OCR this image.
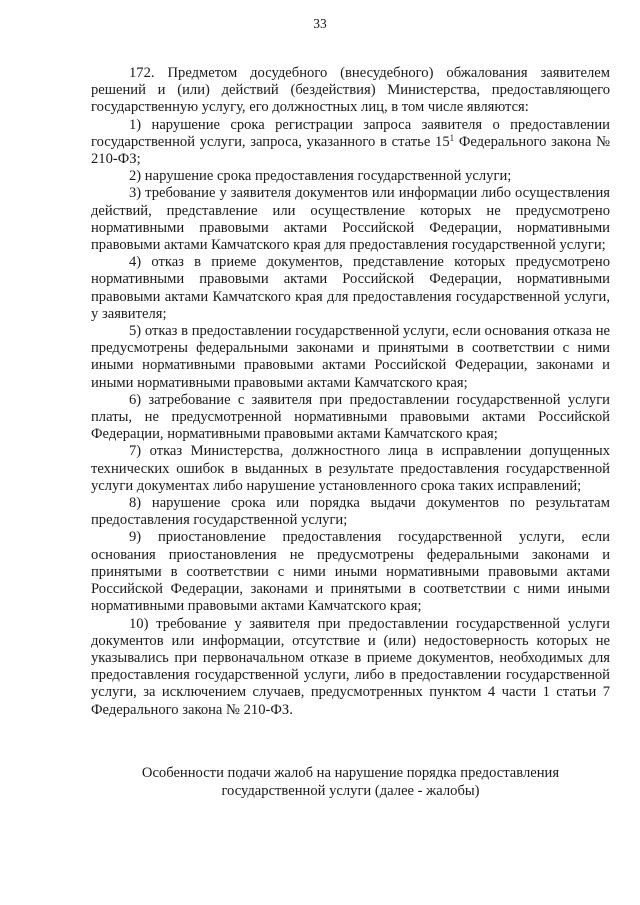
33

172. Предметом досудебного (внесудебного) обжалования заявителем решений и (или) действий (бездействия) Министерства, предоставляющего государственную услугу, его должностных лиц, в том числе являются:

1) нарушение срока регистрации запроса заявителя о предоставлении государственной услуги, запроса, указанного в статье $15^1$ Федерального закона № 210-ФЗ;

2) нарушение срока предоставления государственной услуги;

3) требование у заявителя документов или информации либо осуществления действий, представление или осуществление которых не предусмотрено нормативными правовыми актами Российской Федерации, нормативными правовыми актами Камчатского края для предоставления государственной услуги;

4) отказ в приеме документов, представление которых предусмотрено нормативными правовыми актами Российской Федерации, нормативными правовыми актами Камчатского края для предоставления государственной услуги, у заявителя;

5) отказ в предоставлении государственной услуги, если основания отказа не предусмотрены федеральными законами и принятыми в соответствии с ними иными нормативными правовыми актами Российской Федерации, законами и иными нормативными правовыми актами Камчатского края;

6) затребование с заявителя при предоставлении государственной услуги платы, не предусмотренной нормативными правовыми актами Российской Федерации, нормативными правовыми актами Камчатского края;

7) отказ Министерства, должностного лица в исправлении допущенных технических ошибок в выданных в результате предоставления государственной услуги документах либо нарушение установленного срока таких исправлений;

8) нарушение срока или порядка выдачи документов по результатам предоставления государственной услуги;

9) приостановление предоставления государственной услуги, если основания приостановления не предусмотрены федеральными законами и принятыми в соответствии с ними иными нормативными правовыми актами Российской Федерации, законами и принятыми в соответствии с ними иными нормативными правовыми актами Камчатского края;

10) требование у заявителя при предоставлении государственной услуги документов или информации, отсутствие и (или) недостоверность которых не указывались при первоначальном отказе в приеме документов, необходимых для предоставления государственной услуги, либо в предоставлении государственной услуги, за исключением случаев, предусмотренных пунктом 4 части 1 статьи 7 Федерального закона № 210-ФЗ.

Особенности подачи жалоб на нарушение порядка предоставления
государственной услуги (далее - жалобы)
